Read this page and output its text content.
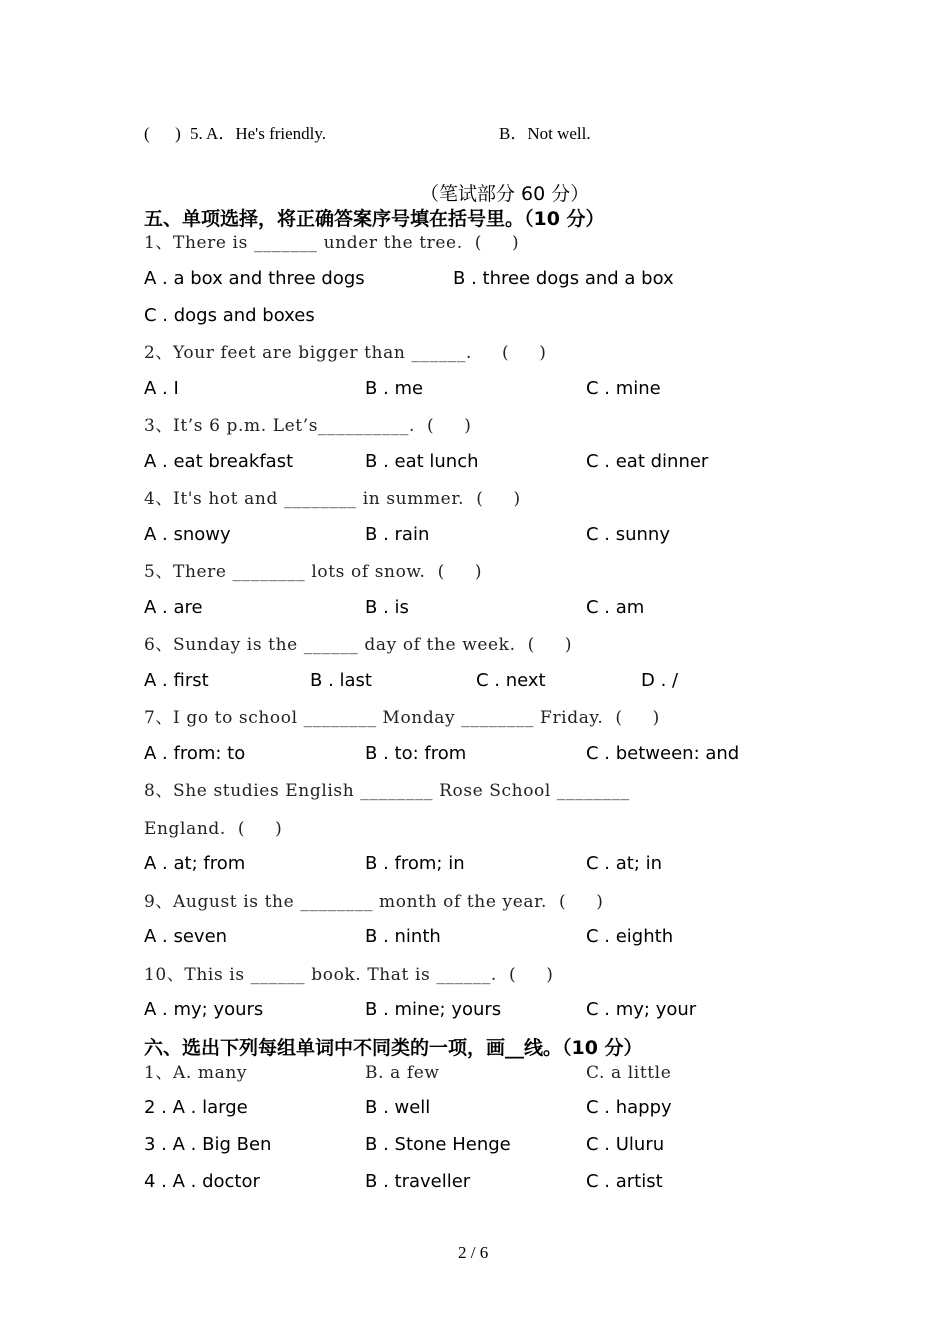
(      ) 5. A．He's friendly.	B．Not well.
（笔试部分 60 分）
五、单项选择，将正确答案序号填在括号里。（10 分）
1、There is _______ under the tree.  (     )
A . a box and three dogs	B . three dogs and a box
C . dogs and boxes
2、Your feet are bigger than ______.     (     )
A . I	B . me	C . mine
3、It’s 6 p.m. Let’s__________.  (     )
A . eat breakfast	B . eat lunch	C . eat dinner
4、It's hot and ________ in summer.  (     )
A . snowy	B . rain	C . sunny
5、There ________ lots of snow.  (     )
A . are	B . is	C . am
6、Sunday is the ______ day of the week.  (     )
A . first	B . last	C . next	D . /
7、I go to school ________ Monday ________ Friday.  (     )
A . from: to	B . to: from	C . between: and
8、She studies English ________ Rose School ________
England.  (     )
A . at; from	B . from; in	C . at; in
9、August is the ________ month of the year.  (     )
A . seven	B . ninth	C . eighth
10、This is ______ book. That is ______.  (     )
A . my; yours	B . mine; yours	C . my; your
六、选出下列每组单词中不同类的一项，画__线。（10 分）
1、A. many	B. a few	C. a little
2 . A . large	B . well	C . happy
3 . A . Big Ben	B . Stone Henge	C . Uluru
4 . A . doctor	B . traveller	C . artist
2 / 6
